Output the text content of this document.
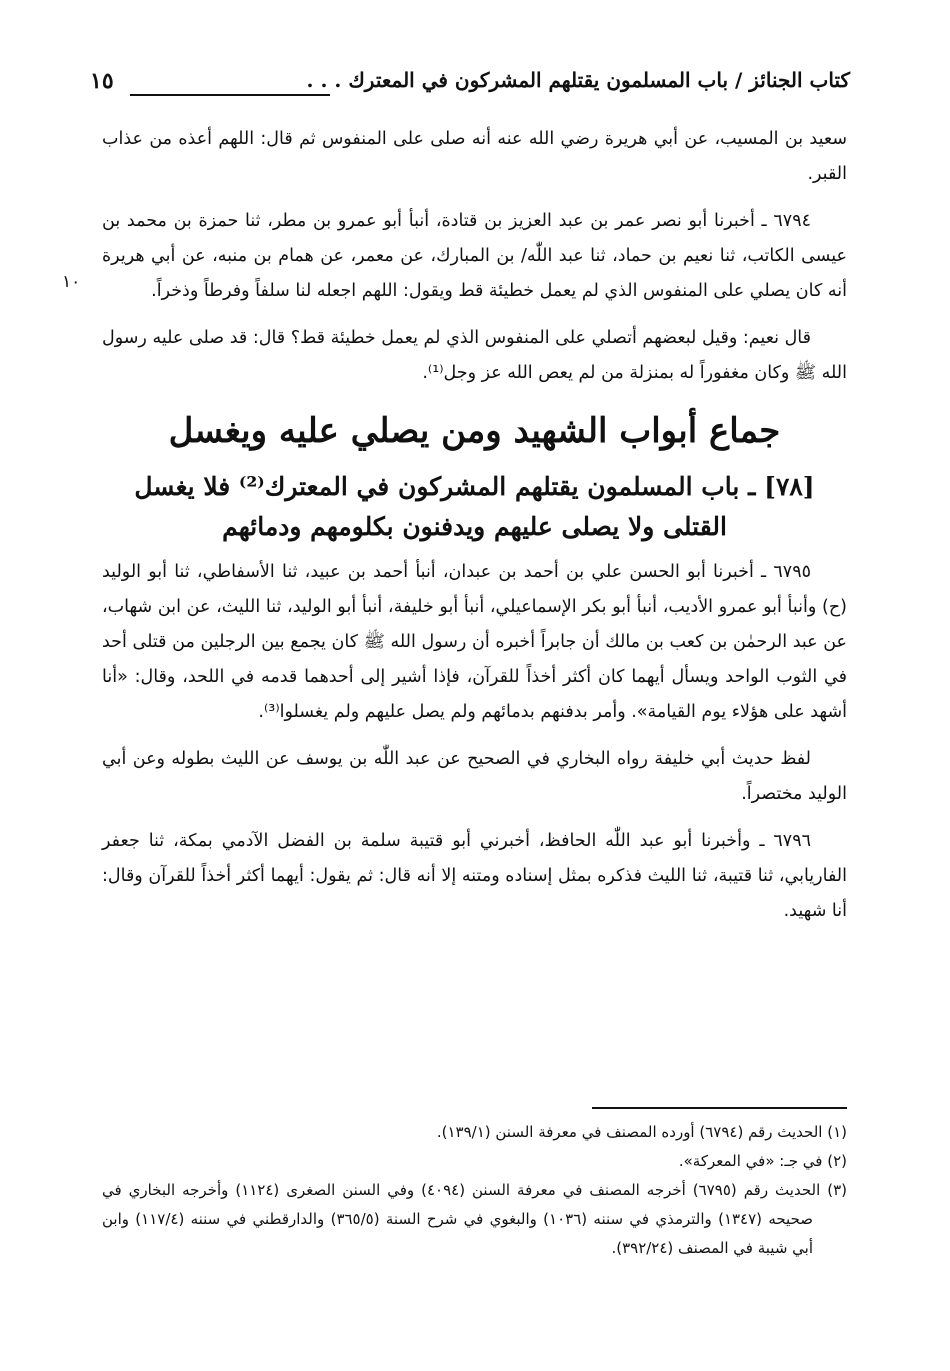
كتاب الجنائز / باب المسلمون يقتلهم المشركون في المعترك . . .
١٥
١٠

سعيد بن المسيب، عن أبي هريرة رضي الله عنه أنه صلى على المنفوس ثم قال: اللهم أعذه من عذاب القبر.

٦٧٩٤ ـ أخبرنا أبو نصر عمر بن عبد العزيز بن قتادة، أنبأ أبو عمرو بن مطر، ثنا حمزة بن محمد بن عيسى الكاتب، ثنا نعيم بن حماد، ثنا عبد اللّٰه/ بن المبارك، عن معمر، عن همام بن منبه، عن أبي هريرة أنه كان يصلي على المنفوس الذي لم يعمل خطيئة قط ويقول: اللهم اجعله لنا سلفاً وفرطاً وذخراً.

قال نعيم: وقيل لبعضهم أتصلي على المنفوس الذي لم يعمل خطيئة قط؟ قال: قد صلى عليه رسول الله ﷺ وكان مغفوراً له بمنزلة من لم يعص الله عز وجل⁽¹⁾.

جماع أبواب الشهيد ومن يصلي عليه ويغسل
[٧٨] ـ باب المسلمون يقتلهم المشركون في المعترك⁽²⁾ فلا يغسل القتلى ولا يصلى عليهم ويدفنون بكلومهم ودمائهم

٦٧٩٥ ـ أخبرنا أبو الحسن علي بن أحمد بن عبدان، أنبأ أحمد بن عبيد، ثنا الأسفاطي، ثنا أبو الوليد (ح) وأنبأ أبو عمرو الأديب، أنبأ أبو بكر الإسماعيلي، أنبأ أبو خليفة، أنبأ أبو الوليد، ثنا الليث، عن ابن شهاب، عن عبد الرحمٰن بن كعب بن مالك أن جابراً أخبره أن رسول الله ﷺ كان يجمع بين الرجلين من قتلى أحد في الثوب الواحد ويسأل أيهما كان أكثر أخذاً للقرآن، فإذا أشير إلى أحدهما قدمه في اللحد، وقال: «أنا أشهد على هؤلاء يوم القيامة». وأمر بدفنهم بدمائهم ولم يصل عليهم ولم يغسلوا⁽³⁾.

لفظ حديث أبي خليفة رواه البخاري في الصحيح عن عبد اللّٰه بن يوسف عن الليث بطوله وعن أبي الوليد مختصراً.

٦٧٩٦ ـ وأخبرنا أبو عبد اللّٰه الحافظ، أخبرني أبو قتيبة سلمة بن الفضل الآدمي بمكة، ثنا جعفر الفاريابي، ثنا قتيبة، ثنا الليث فذكره بمثل إسناده ومتنه إلا أنه قال: ثم يقول: أيهما أكثر أخذاً للقرآن وقال: أنا شهيد.

(١) الحديث رقم (٦٧٩٤) أورده المصنف في معرفة السنن (١٣٩/١).

(٢) في جـ: «في المعركة».

(٣) الحديث رقم (٦٧٩٥) أخرجه المصنف في معرفة السنن (٤٠٩٤) وفي السنن الصغرى (١١٢٤) وأخرجه البخاري في صحيحه (١٣٤٧) والترمذي في سننه (١٠٣٦) والبغوي في شرح السنة (٣٦٥/٥) والدارقطني في سننه (١١٧/٤) وابن أبي شيبة في المصنف (٣٩٢/٢٤).
